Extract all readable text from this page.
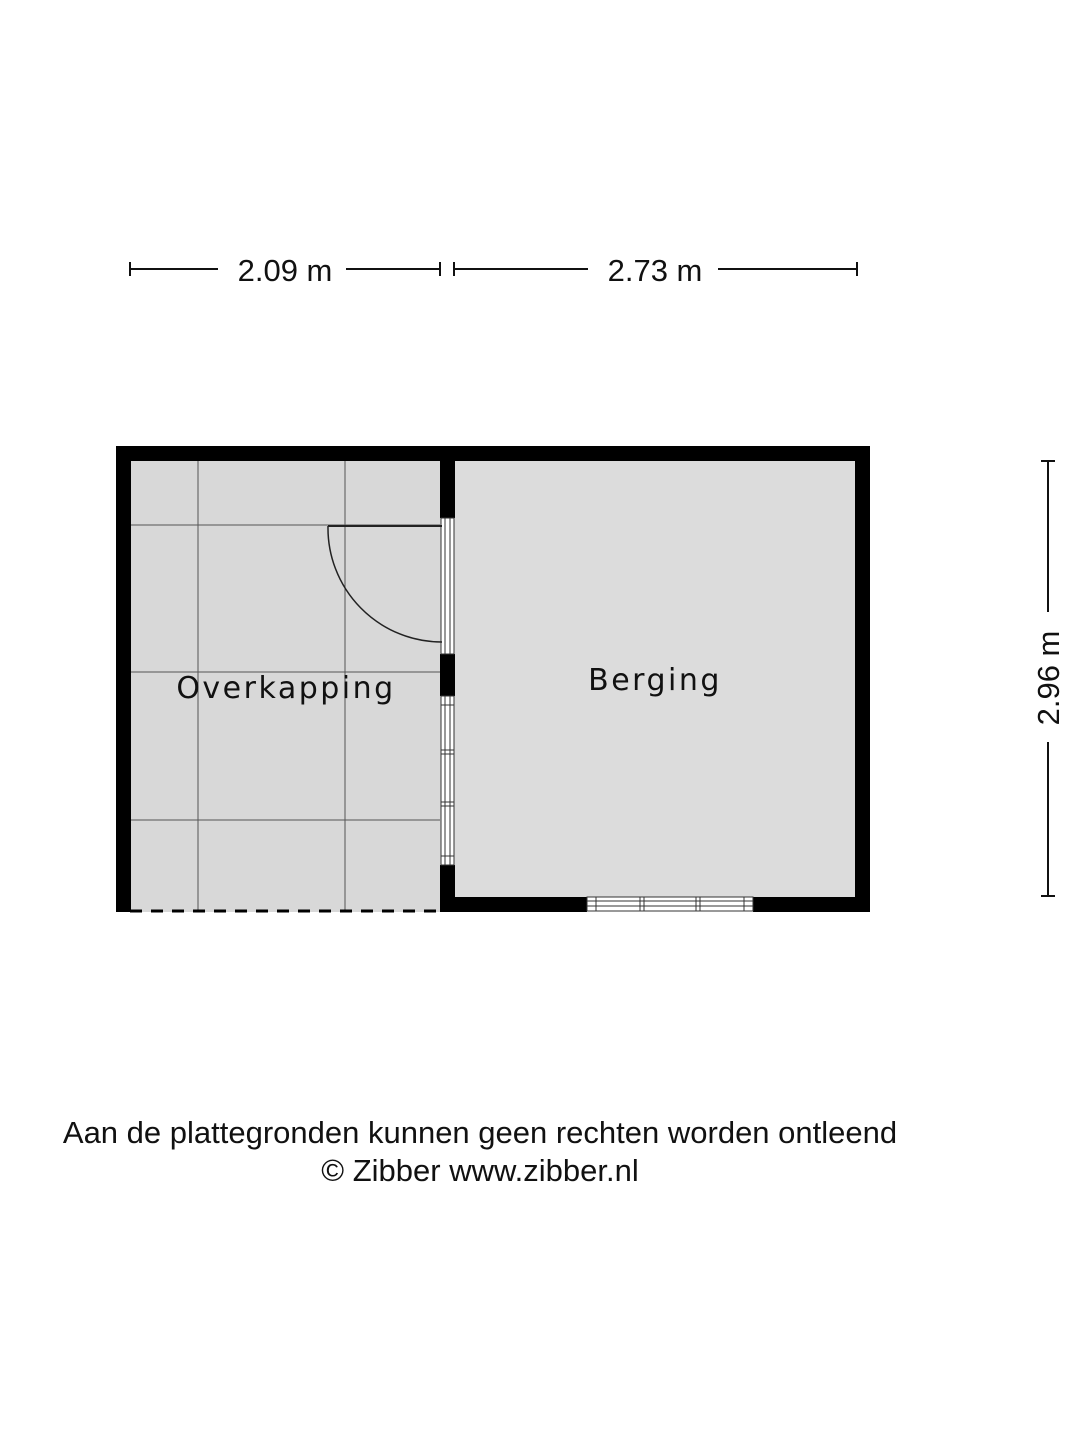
2.09 m	2.73 m
2.96 m
Overkapping	Berging
Aan de plattegronden kunnen geen rechten worden ontleend
© Zibber www.zibber.nl
